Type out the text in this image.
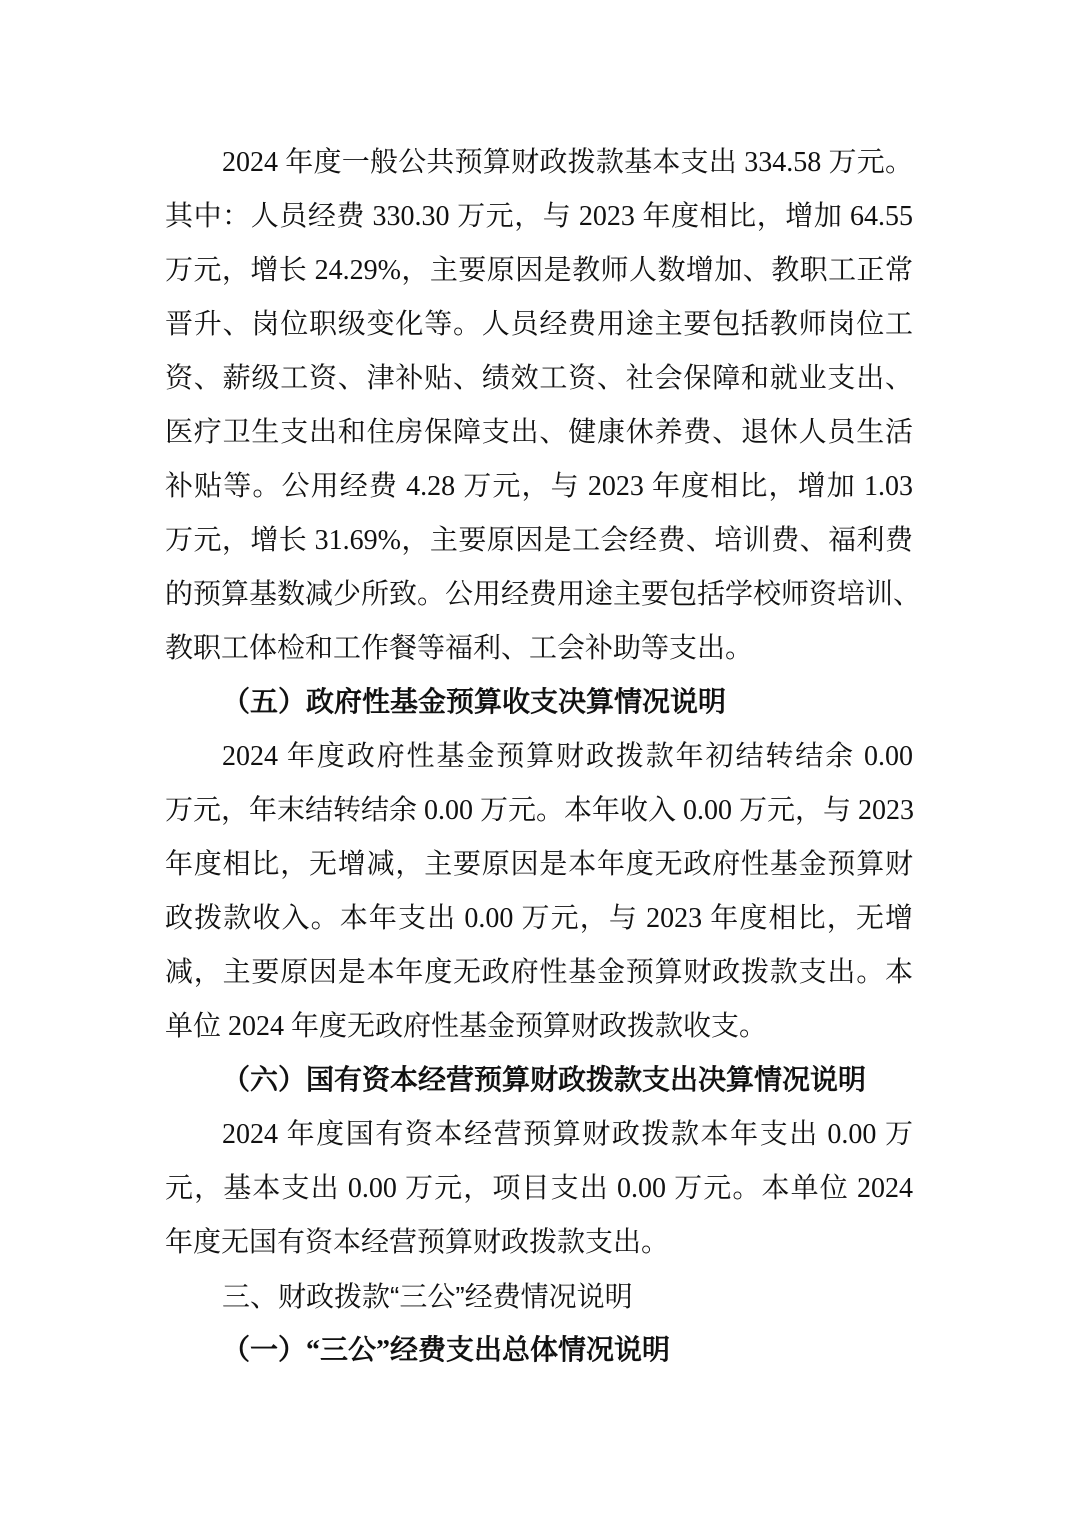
2024 年度一般公共预算财政拨款基本支出 334.58 万元。
其中：人员经费 330.30 万元，与 2023 年度相比，增加 64.55
万元，增长 24.29%，主要原因是教师人数增加、教职工正常
晋升、岗位职级变化等。人员经费用途主要包括教师岗位工
资、薪级工资、津补贴、绩效工资、社会保障和就业支出、
医疗卫生支出和住房保障支出、健康休养费、退休人员生活
补贴等。公用经费 4.28 万元，与 2023 年度相比，增加 1.03
万元，增长 31.69%，主要原因是工会经费、培训费、福利费
的预算基数减少所致。公用经费用途主要包括学校师资培训、
教职工体检和工作餐等福利、工会补助等支出。
（五）政府性基金预算收支决算情况说明
2024 年度政府性基金预算财政拨款年初结转结余 0.00
万元，年末结转结余 0.00 万元。本年收入 0.00 万元，与 2023
年度相比，无增减，主要原因是本年度无政府性基金预算财
政拨款收入。本年支出 0.00 万元，与 2023 年度相比，无增
减，主要原因是本年度无政府性基金预算财政拨款支出。本
单位 2024 年度无政府性基金预算财政拨款收支。
（六）国有资本经营预算财政拨款支出决算情况说明
2024 年度国有资本经营预算财政拨款本年支出 0.00 万
元，基本支出 0.00 万元，项目支出 0.00 万元。本单位 2024
年度无国有资本经营预算财政拨款支出。
三、财政拨款“三公”经费情况说明
（一）“三公”经费支出总体情况说明
